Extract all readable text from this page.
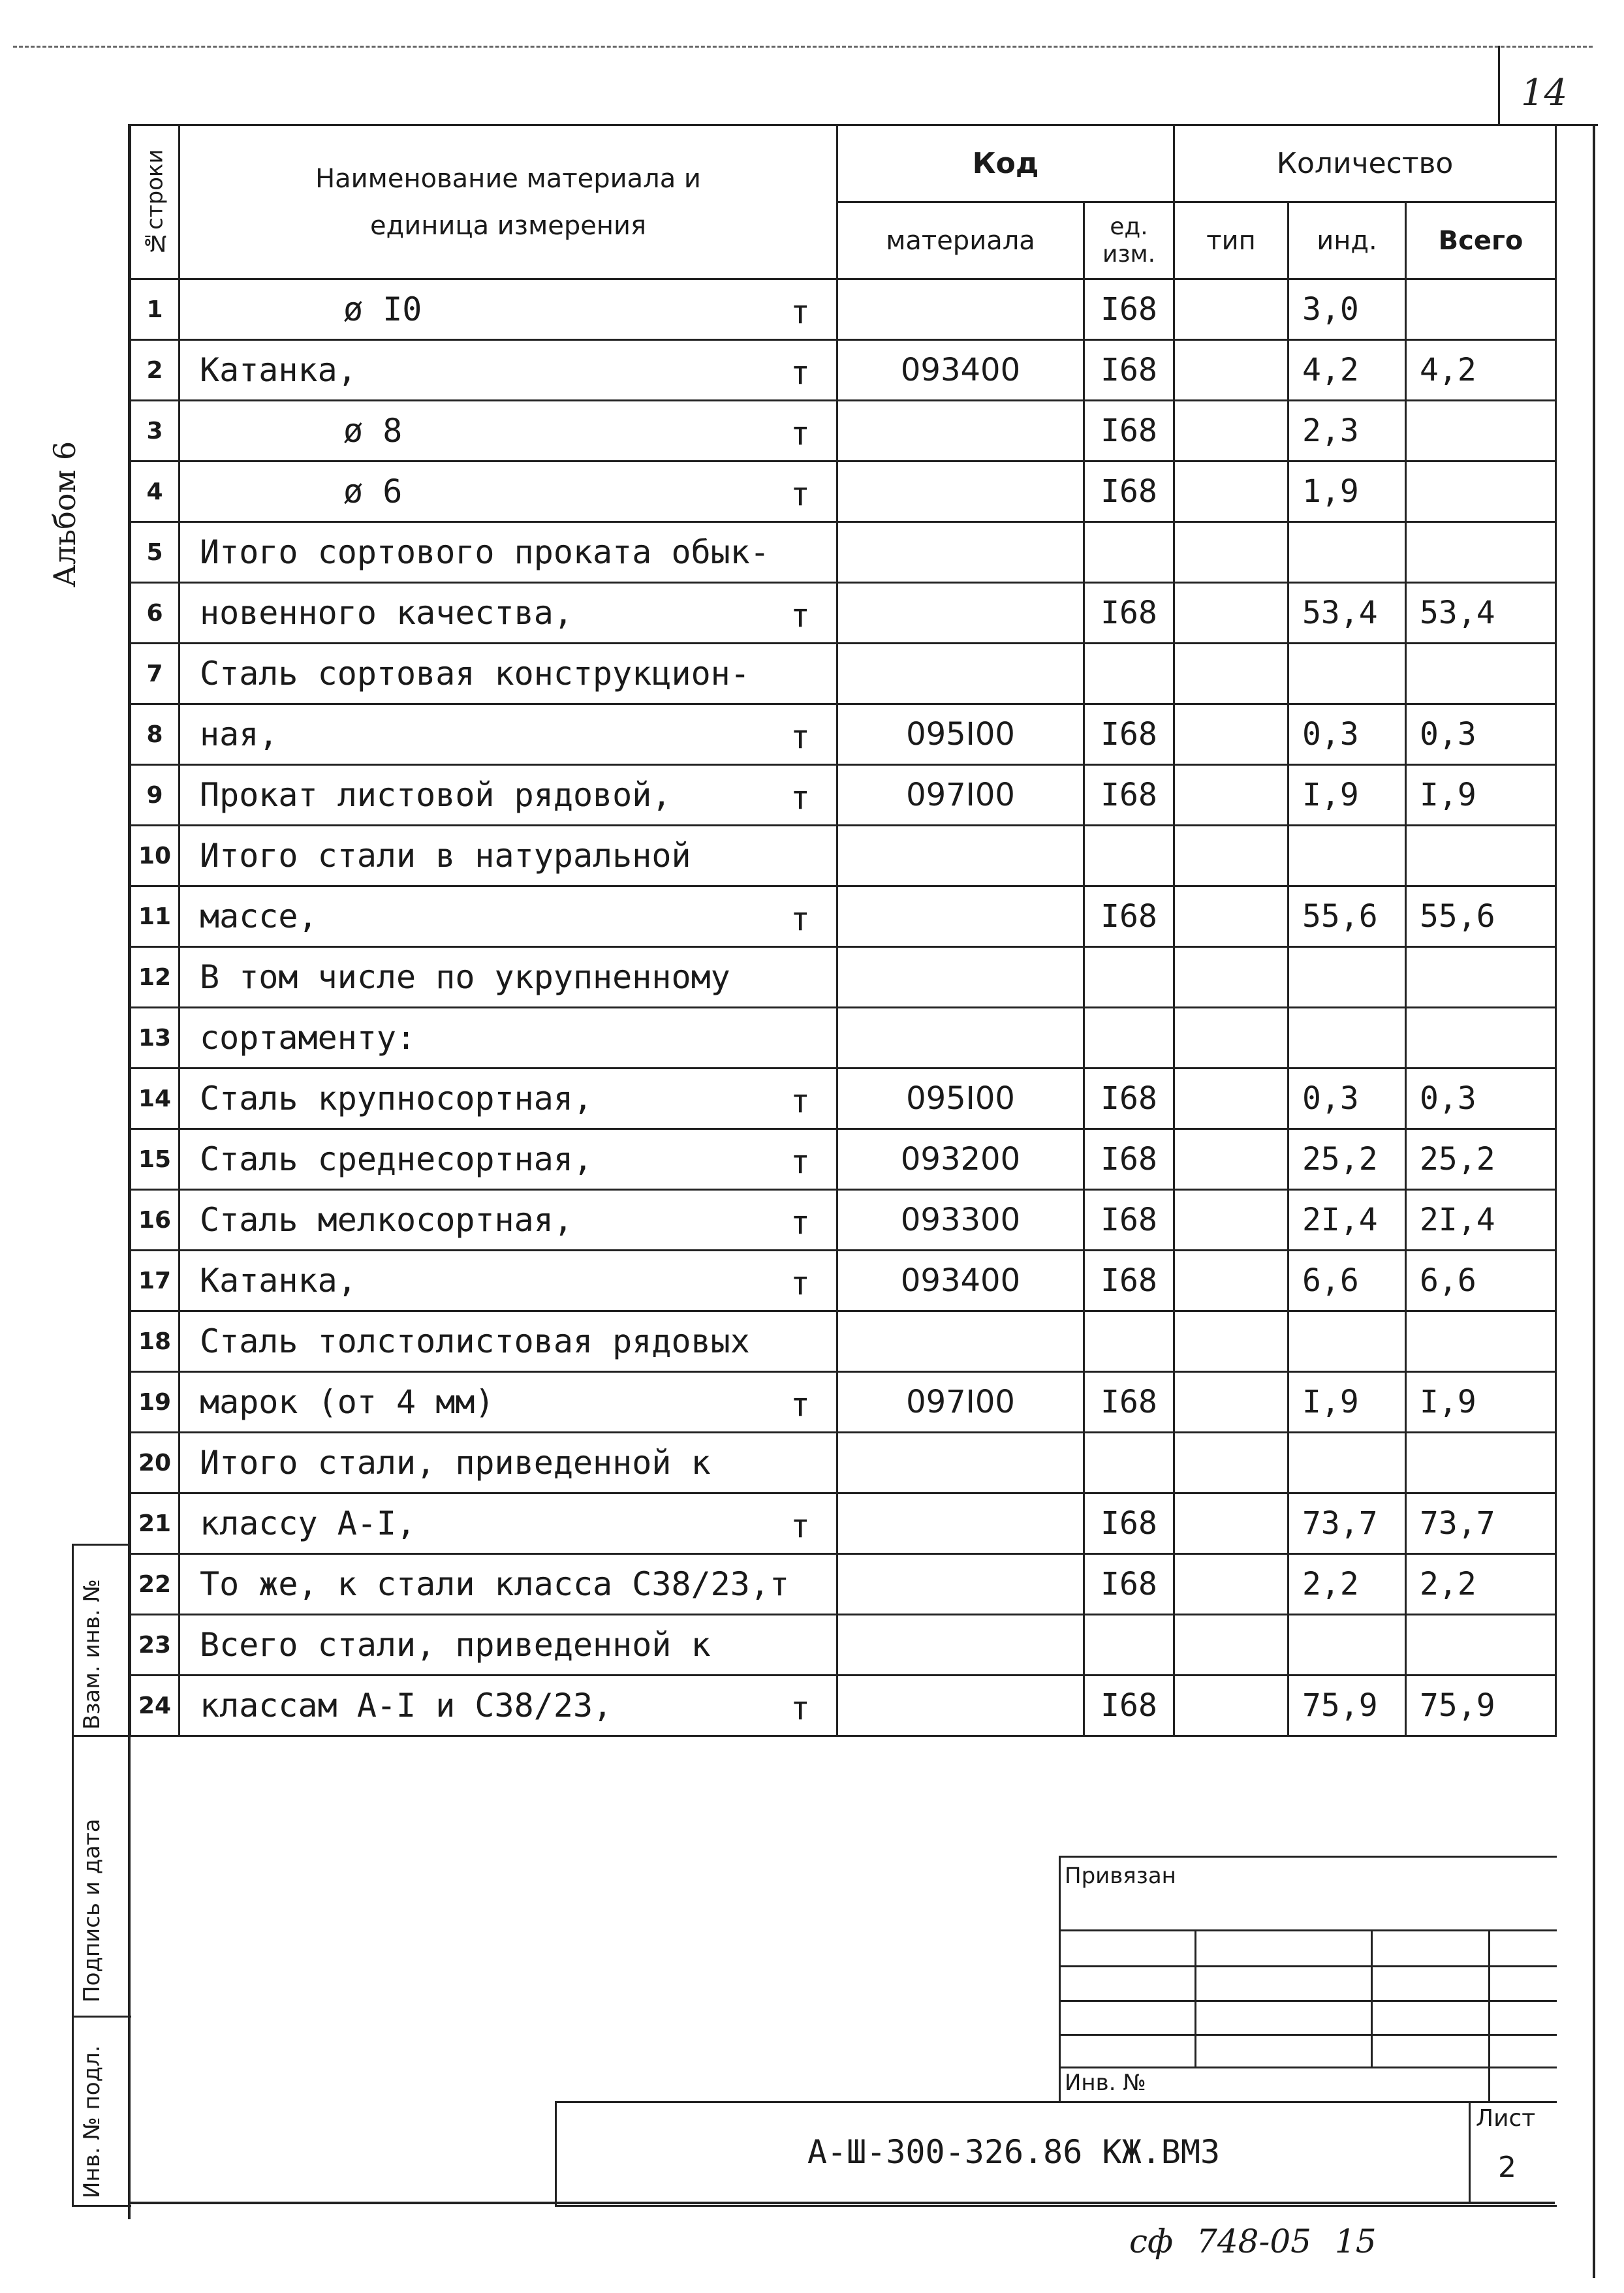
14
Альбом 6
№строки	Наименование материала и единица измерения	Код		Количество		
		материала	ед. изм.	тип	инд.	Всего
1	ø I0 т		I68		3,0	
2	Катанка, т	093400	I68		4,2	4,2
3	ø 8 т		I68		2,3	
4	ø 6 т		I68		1,9	
5	Итого сортового проката обык-

6	новенного качества, т		I68		53,4	53,4
7	Сталь сортовая конструкцион-

8	ная, т	095I00	I68		0,3	0,3
9	Прокат листовой рядовой, т	097I00	I68		I,9	I,9
10	Итого стали в натуральной

11	массе, т		I68		55,6	55,6
12	В том числе по укрупненному

13	сортаменту:

14	Сталь крупносортная, т	095I00	I68		0,3	0,3
15	Сталь среднесортная, т	093200	I68		25,2	25,2
16	Сталь мелкосортная, т	093300	I68		2I,4	2I,4
17	Катанка, т	093400	I68		6,6	6,6
18	Сталь толстолистовая рядовых

19	марок (от 4 мм) т	097I00	I68		I,9	I,9
20	Итого стали, приведенной к

21	классу А-I, т		I68		73,7	73,7
22	То же, к стали класса С38/23,т		I68		2,2	2,2
23	Всего стали, приведенной к

24	классам А-I и С38/23, т		I68		75,9	75,9
Взам. инв. №
Подпись и дата
Инв. № подл.
Привязан
Инв. №
А-Ш-300-326.86 КЖ.ВМ3
Лист
2
сф 748-05 15
